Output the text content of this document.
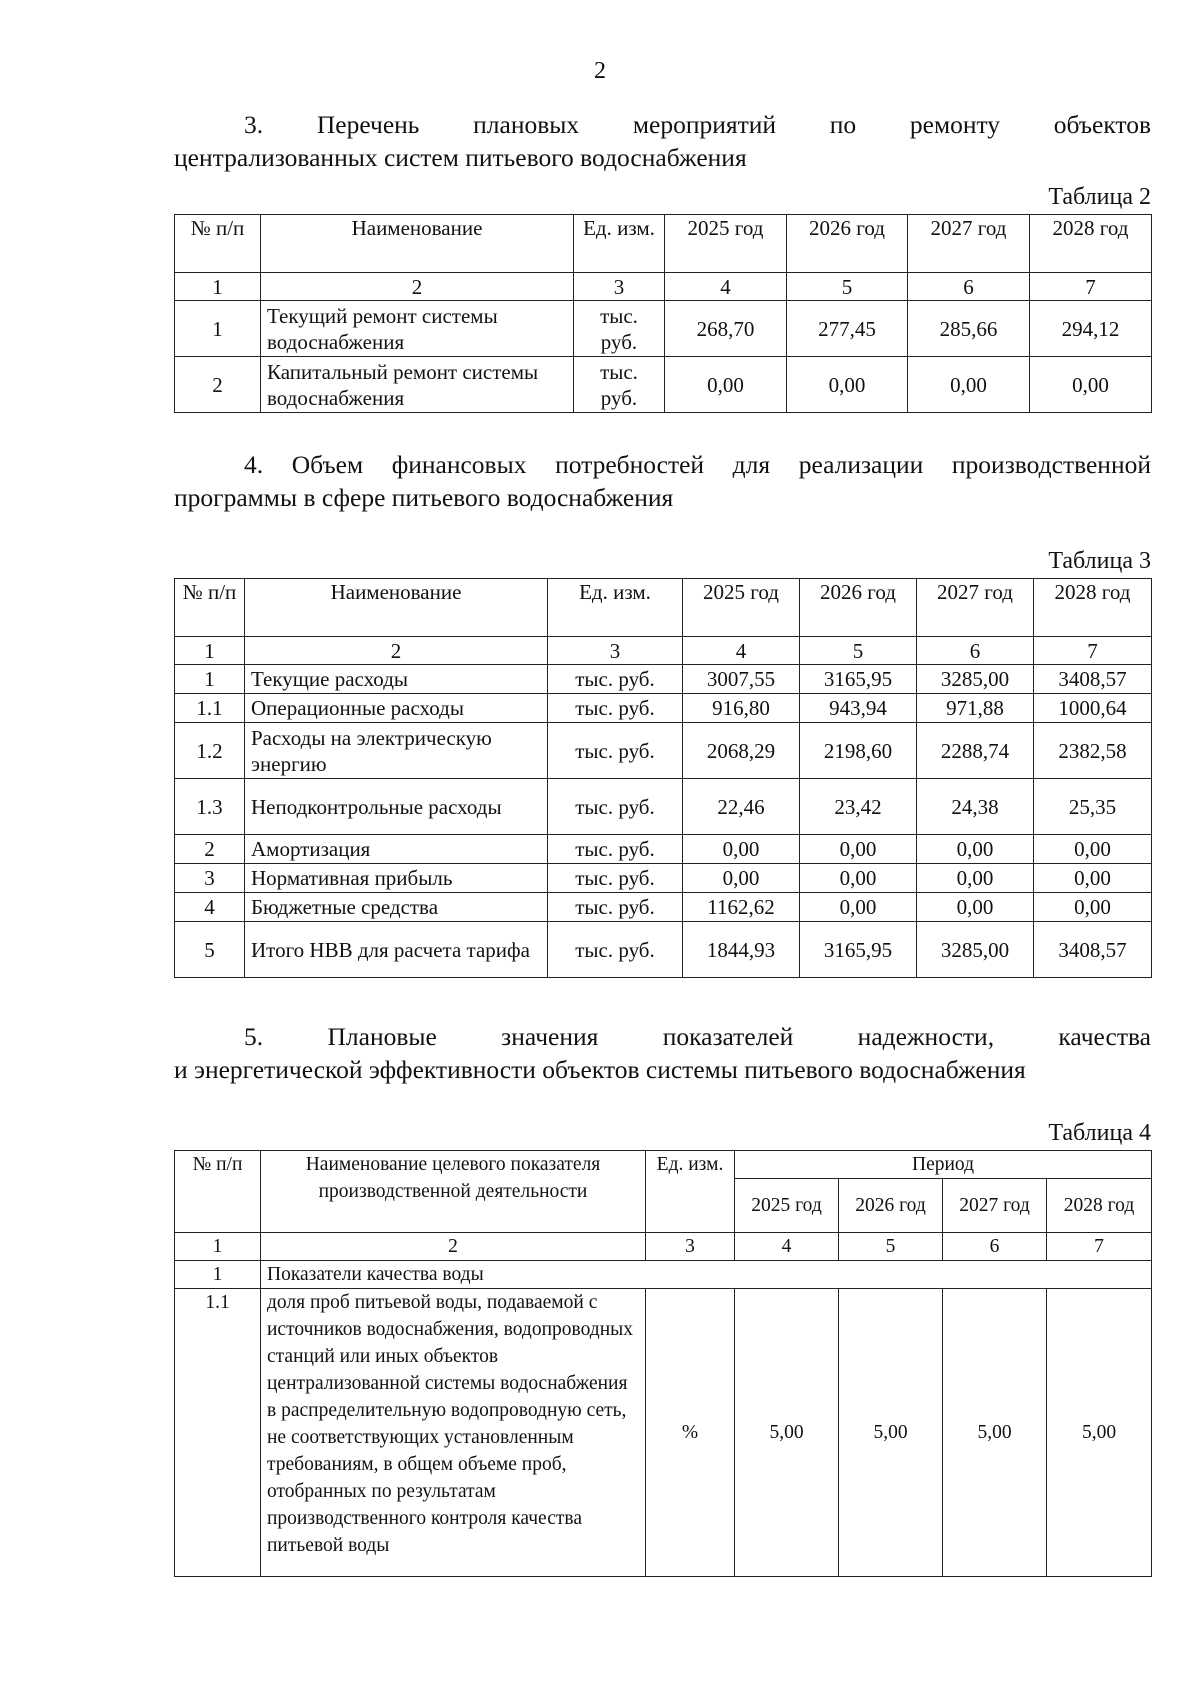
2
3. Перечень плановых мероприятий по ремонту объектов
централизованных систем питьевого водоснабжения
Таблица 2
№ п/п	Наименование	Ед. изм.	2025 год	2026 год	2027 год	2028 год
1	2	3	4	5	6	7
1	Текущий ремонт системы водоснабжения	тыс. руб.	268,70	277,45	285,66	294,12
2	Капитальный ремонт системы водоснабжения	тыс. руб.	0,00	0,00	0,00	0,00
4. Объем финансовых потребностей для реализации производственной
программы в сфере питьевого водоснабжения
Таблица 3
№ п/п	Наименование	Ед. изм.	2025 год	2026 год	2027 год	2028 год
1	2	3	4	5	6	7
1	Текущие расходы	тыс. руб.	3007,55	3165,95	3285,00	3408,57
1.1	Операционные расходы	тыс. руб.	916,80	943,94	971,88	1000,64
1.2	Расходы на электрическую энергию	тыс. руб.	2068,29	2198,60	2288,74	2382,58
1.3	Неподконтрольные расходы	тыс. руб.	22,46	23,42	24,38	25,35
2	Амортизация	тыс. руб.	0,00	0,00	0,00	0,00
3	Нормативная прибыль	тыс. руб.	0,00	0,00	0,00	0,00
4	Бюджетные средства	тыс. руб.	1162,62	0,00	0,00	0,00
5	Итого НВВ для расчета тарифа	тыс. руб.	1844,93	3165,95	3285,00	3408,57
5. Плановые значения показателей надежности, качества
и энергетической эффективности объектов системы питьевого водоснабжения
Таблица 4
№ п/п	Наименование целевого показателя производственной деятельности	Ед. изм.	Период			
			2025 год	2026 год	2027 год	2028 год
1	2	3	4	5	6	7
1	Показатели качества воды					
1.1	доля проб питьевой воды, подаваемой с источников водоснабжения, водопроводных станций или иных объектов централизованной системы водоснабжения в распределительную водопроводную сеть, не соответствующих установленным требованиям, в общем объеме проб, отобранных по результатам производственного контроля качества питьевой воды	%	5,00	5,00	5,00	5,00
